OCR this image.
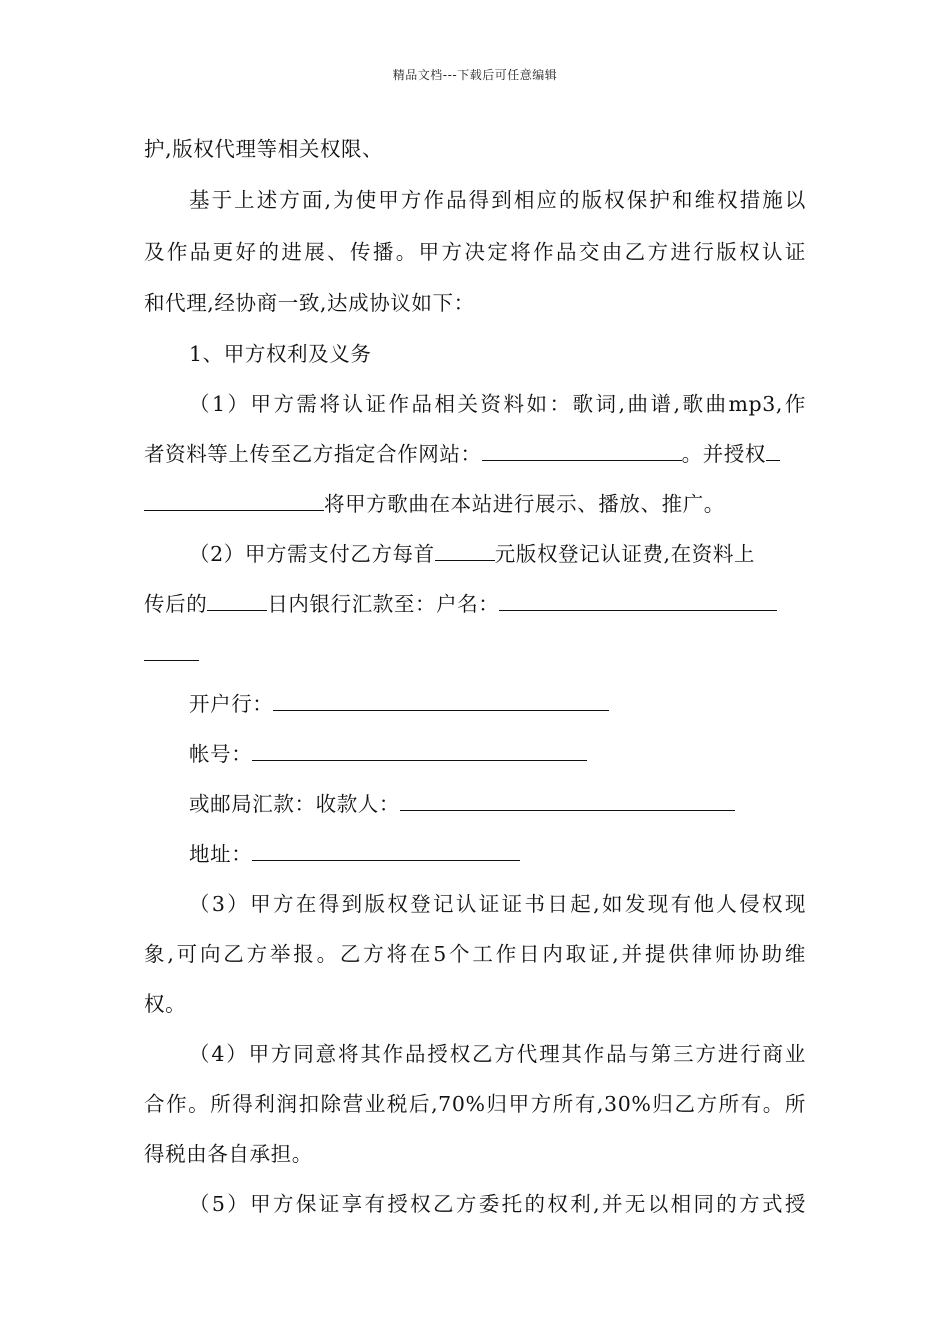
精品文档---下载后可任意编辑
护,版权代理等相关权限、
基于上述方面,为使甲方作品得到相应的版权保护和维权措施以
及作品更好的进展、传播。甲方决定将作品交由乙方进行版权认证
和代理,经协商一致,达成协议如下：
1、甲方权利及义务
（1）甲方需将认证作品相关资料如：歌词,曲谱,歌曲mp3,作
者资料等上传至乙方指定合作网站：	。并授权
将甲方歌曲在本站进行展示、播放、推广。
（2）甲方需支付乙方每首	元版权登记认证费,在资料上
传后的	日内银行汇款至：户名：
开户行：
帐号：
或邮局汇款：收款人：
地址：
（3）甲方在得到版权登记认证证书日起,如发现有他人侵权现
象,可向乙方举报。乙方将在5个工作日内取证,并提供律师协助维
权。
（4）甲方同意将其作品授权乙方代理其作品与第三方进行商业
合作。所得利润扣除营业税后,70%归甲方所有,30%归乙方所有。所
得税由各自承担。
（5）甲方保证享有授权乙方委托的权利,并无以相同的方式授
